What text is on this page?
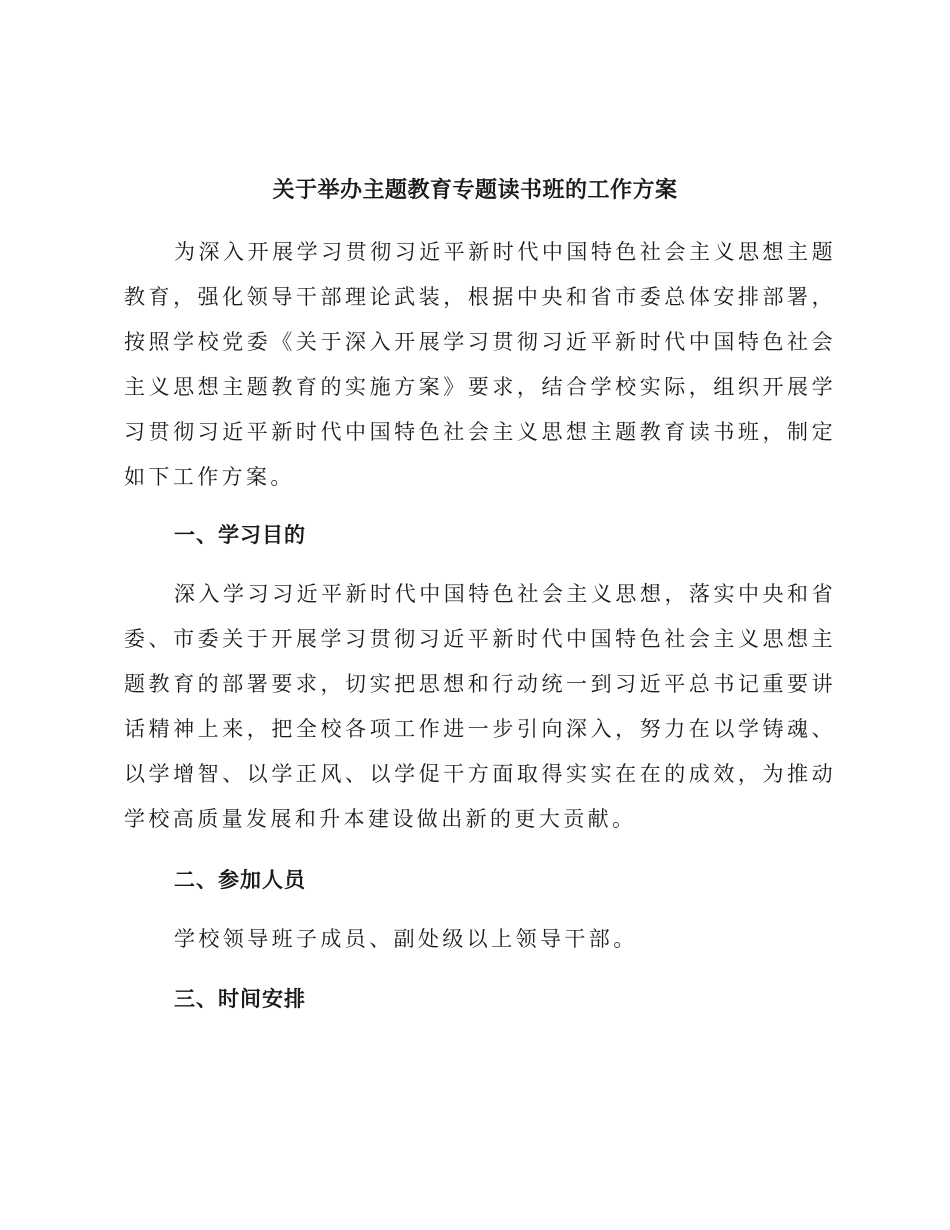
关于举办主题教育专题读书班的工作方案

为深入开展学习贯彻习近平新时代中国特色社会主义思想主题教育，强化领导干部理论武装，根据中央和省市委总体安排部署，按照学校党委《关于深入开展学习贯彻习近平新时代中国特色社会主义思想主题教育的实施方案》要求，结合学校实际，组织开展学习贯彻习近平新时代中国特色社会主义思想主题教育读书班，制定如下工作方案。

一、学习目的

深入学习习近平新时代中国特色社会主义思想，落实中央和省委、市委关于开展学习贯彻习近平新时代中国特色社会主义思想主题教育的部署要求，切实把思想和行动统一到习近平总书记重要讲话精神上来，把全校各项工作进一步引向深入，努力在以学铸魂、以学增智、以学正风、以学促干方面取得实实在在的成效，为推动学校高质量发展和升本建设做出新的更大贡献。

二、参加人员

学校领导班子成员、副处级以上领导干部。

三、时间安排
